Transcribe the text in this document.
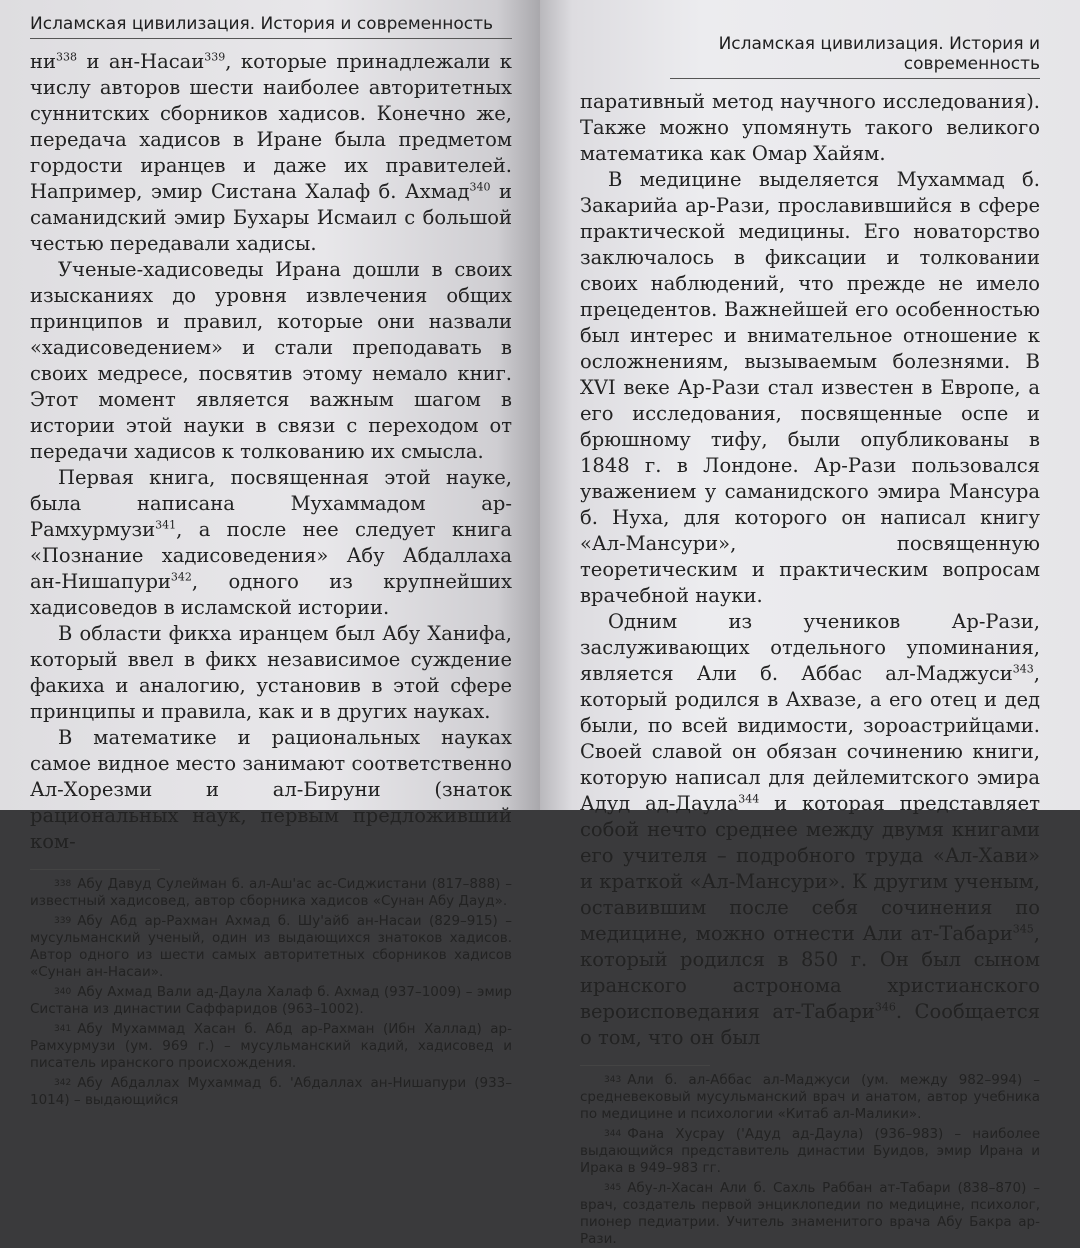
Исламская цивилизация. История и современность

$ни^{338}$ и ан-Насаи$^{339}$, которые принадлежали к числу авторов шести наиболее авторитетных суннитских сборников хадисов. Конечно же, передача хадисов в Иране была предметом гордости иранцев и даже их правителей. Например, эмир Систана Халаф б. Ахмад$^{340}$ и саманидский эмир Бухары Исмаил с большой честью передавали хадисы.

Ученые-хадисоведы Ирана дошли в своих изысканиях до уровня извлечения общих принципов и правил, которые они назвали «хадисоведением» и стали преподавать в своих медресе, посвятив этому немало книг. Этот момент является важным шагом в истории этой науки в связи с переходом от передачи хадисов к толкованию их смысла.

Первая книга, посвященная этой науке, была написана Мухаммадом ар-Рамхурмузи$^{341}$, а после нее следует книга «Познание хадисоведения» Абу Абдаллаха ан-Нишапури$^{342}$, одного из крупнейших хадисоведов в исламской истории.

В области фикха иранцем был Абу Ханифа, который ввел в фикх независимое суждение факиха и аналогию, установив в этой сфере принципы и правила, как и в других науках.

В математике и рациональных науках самое видное место занимают соответственно Ал-Хорезми и ал-Бируни (знаток рациональных наук, первым предложивший ком-

$^{338}$ Абу Давуд Сулейман б. ал-Аш'ас ас-Сиджистани (817–888) – известный хадисовед, автор сборника хадисов «Сунан Абу Дауд».

$^{339}$ Абу Абд ар-Рахман Ахмад б. Шу'айб ан-Насаи (829–915) – мусульманский ученый, один из выдающихся знатоков хадисов. Автор одного из шести самых авторитетных сборников хадисов «Сунан ан-Насаи».

$^{340}$ Абу Ахмад Вали ад-Даула Халаф б. Ахмад (937–1009) – эмир Систана из династии Саффаридов (963–1002).

$^{341}$ Абу Мухаммад Хасан б. Абд ар-Рахман (Ибн Халлад) ар-Рамхурмузи (ум. 969 г.) – мусульманский кадий, хадисовед и писатель иранского происхождения.

$^{342}$ Абу Абдаллах Мухаммад б. 'Абдаллах ан-Нишапури (933–1014) – выдающийся

Исламская цивилизация. История и современность

паративный метод научного исследования). Также можно упомянуть такого великого математика как Омар Хайям.

В медицине выделяется Мухаммад б. Закарийа ар-Рази, прославившийся в сфере практической медицины. Его новаторство заключалось в фиксации и толковании своих наблюдений, что прежде не имело прецедентов. Важнейшей его особенностью был интерес и внимательное отношение к осложнениям, вызываемым болезнями. В XVI веке Ар-Рази стал известен в Европе, а его исследования, посвященные оспе и брюшному тифу, были опубликованы в 1848 г. в Лондоне. Ар-Рази пользовался уважением у саманидского эмира Мансура б. Нуха, для которого он написал книгу «Ал-Мансури», посвященную теоретическим и практическим вопросам врачебной науки.

Одним из учеников Ар-Рази, заслуживающих отдельного упоминания, является Али б. Аббас ал-Маджуси$^{343}$, который родился в Ахвазе, а его отец и дед были, по всей видимости, зороастрийцами. Своей славой он обязан сочинению книги, которую написал для дейлемитского эмира Адуд ад-Даула$^{344}$ и которая представляет собой нечто среднее между двумя книгами его учителя – подробного труда «Ал-Хави» и краткой «Ал-Мансури». К другим ученым, оставившим после себя сочинения по медицине, можно отнести Али ат-Табари$^{345}$, который родился в 850 г. Он был сыном иранского астронома христианского вероисповедания ат-Табари$^{346}$. Сообщается о том, что он был

$^{343}$ Али б. ал-Аббас ал-Маджуси (ум. между 982–994) – средневековый мусульманский врач и анатом, автор учебника по медицине и психологии «Китаб ал-Малики».

$^{344}$ Фана Хусрау ('Адуд ад-Даула) (936–983) – наиболее выдающийся представитель династии Буидов, эмир Ирана и Ирака в 949–983 гг.

$^{345}$ Абу-л-Хасан Али б. Сахль Раббан ат-Табари (838–870) – врач, создатель первой энциклопедии по медицине, психолог, пионер педиатрии. Учитель знаменитого врача Абу Бакра ар-Рази.
